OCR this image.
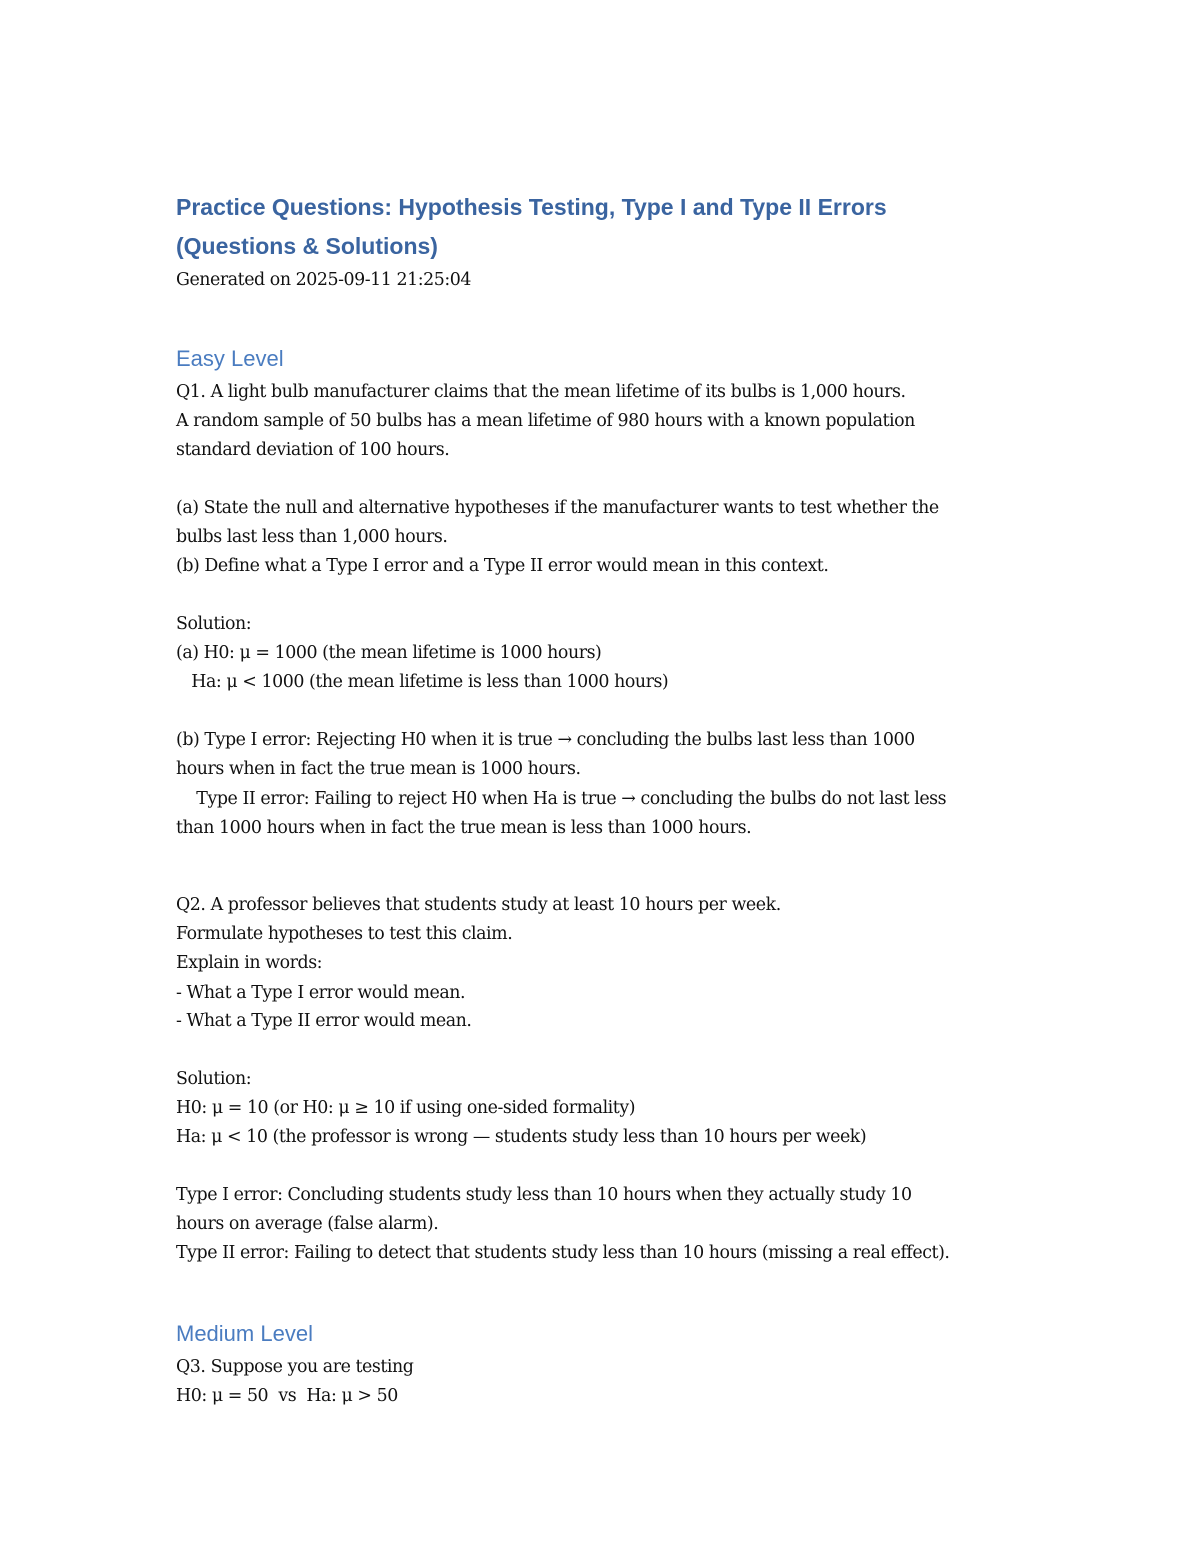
Practice Questions: Hypothesis Testing, Type I and Type II Errors
(Questions & Solutions)
Generated on 2025-09-11 21:25:04
Easy Level
Q1. A light bulb manufacturer claims that the mean lifetime of its bulbs is 1,000 hours.
A random sample of 50 bulbs has a mean lifetime of 980 hours with a known population
standard deviation of 100 hours.
(a) State the null and alternative hypotheses if the manufacturer wants to test whether the
bulbs last less than 1,000 hours.
(b) Define what a Type I error and a Type II error would mean in this context.
Solution:
(a) H0: μ = 1000 (the mean lifetime is 1000 hours)
Ha: μ < 1000 (the mean lifetime is less than 1000 hours)
(b) Type I error: Rejecting H0 when it is true → concluding the bulbs last less than 1000
hours when in fact the true mean is 1000 hours.
Type II error: Failing to reject H0 when Ha is true → concluding the bulbs do not last less
than 1000 hours when in fact the true mean is less than 1000 hours.
Q2. A professor believes that students study at least 10 hours per week.
Formulate hypotheses to test this claim.
Explain in words:
- What a Type I error would mean.
- What a Type II error would mean.
Solution:
H0: μ = 10 (or H0: μ ≥ 10 if using one-sided formality)
Ha: μ < 10 (the professor is wrong — students study less than 10 hours per week)
Type I error: Concluding students study less than 10 hours when they actually study 10
hours on average (false alarm).
Type II error: Failing to detect that students study less than 10 hours (missing a real effect).
Medium Level
Q3. Suppose you are testing
H0: μ = 50  vs  Ha: μ > 50
